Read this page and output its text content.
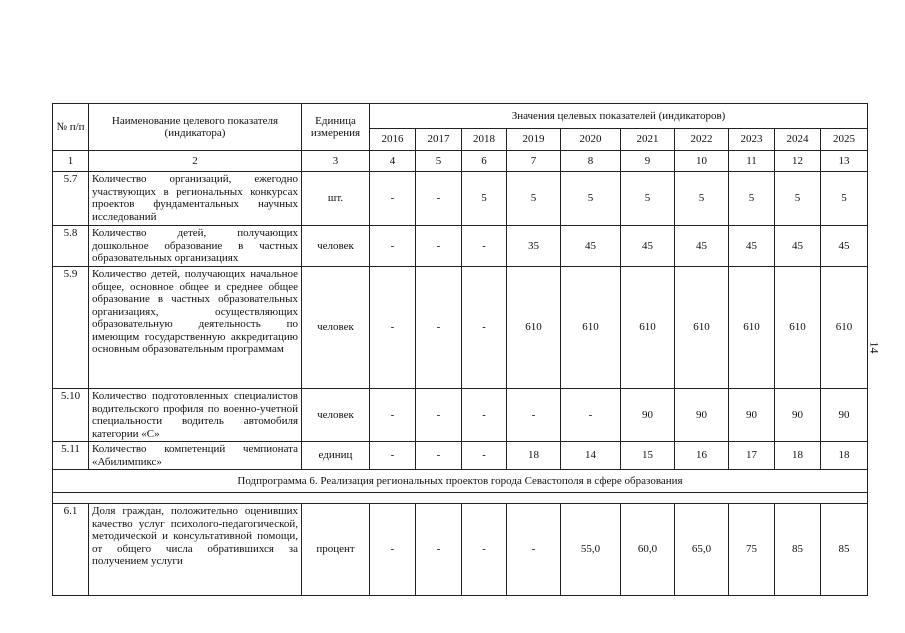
№ п/п	Наименование целевого показателя (индикатора)	Единица измерения	Значения целевых показателей (индикаторов)									
			2016	2017	2018	2019	2020	2021	2022	2023	2024	2025
1	2	3	4	5	6	7	8	9	10	11	12	13
5.7	Количество организаций, ежегодно участвующих в региональных конкурсах проектов фундаментальных научных исследований	шт.	-	-	5	5	5	5	5	5	5	5
5.8	Количество детей, получающих дошкольное образование в частных образовательных организациях	человек	-	-	-	35	45	45	45	45	45	45
5.9	Количество детей, получающих начальное общее, основное общее и среднее общее образование в частных образовательных организациях, осуществляющих образовательную деятельность по имеющим государственную аккредитацию основным образовательным программам	человек	-	-	-	610	610	610	610	610	610	610
5.10	Количество подготовленных специалистов водительского профиля по военно-учетной специальности водитель автомобиля категории «С»	человек	-	-	-	-	-	90	90	90	90	90
5.11	Количество компетенций чемпионата «Абилимпикс»	единиц	-	-	-	18	14	15	16	17	18	18
Подпрограмма 6. Реализация региональных проектов города Севастополя в сфере образования												

6.1	Доля граждан, положительно оценивших качество услуг психолого-педагогической, методической и консультативной помощи, от общего числа обратившихся за получением услуги	процент	-	-	-	-	55,0	60,0	65,0	75	85	85
14
